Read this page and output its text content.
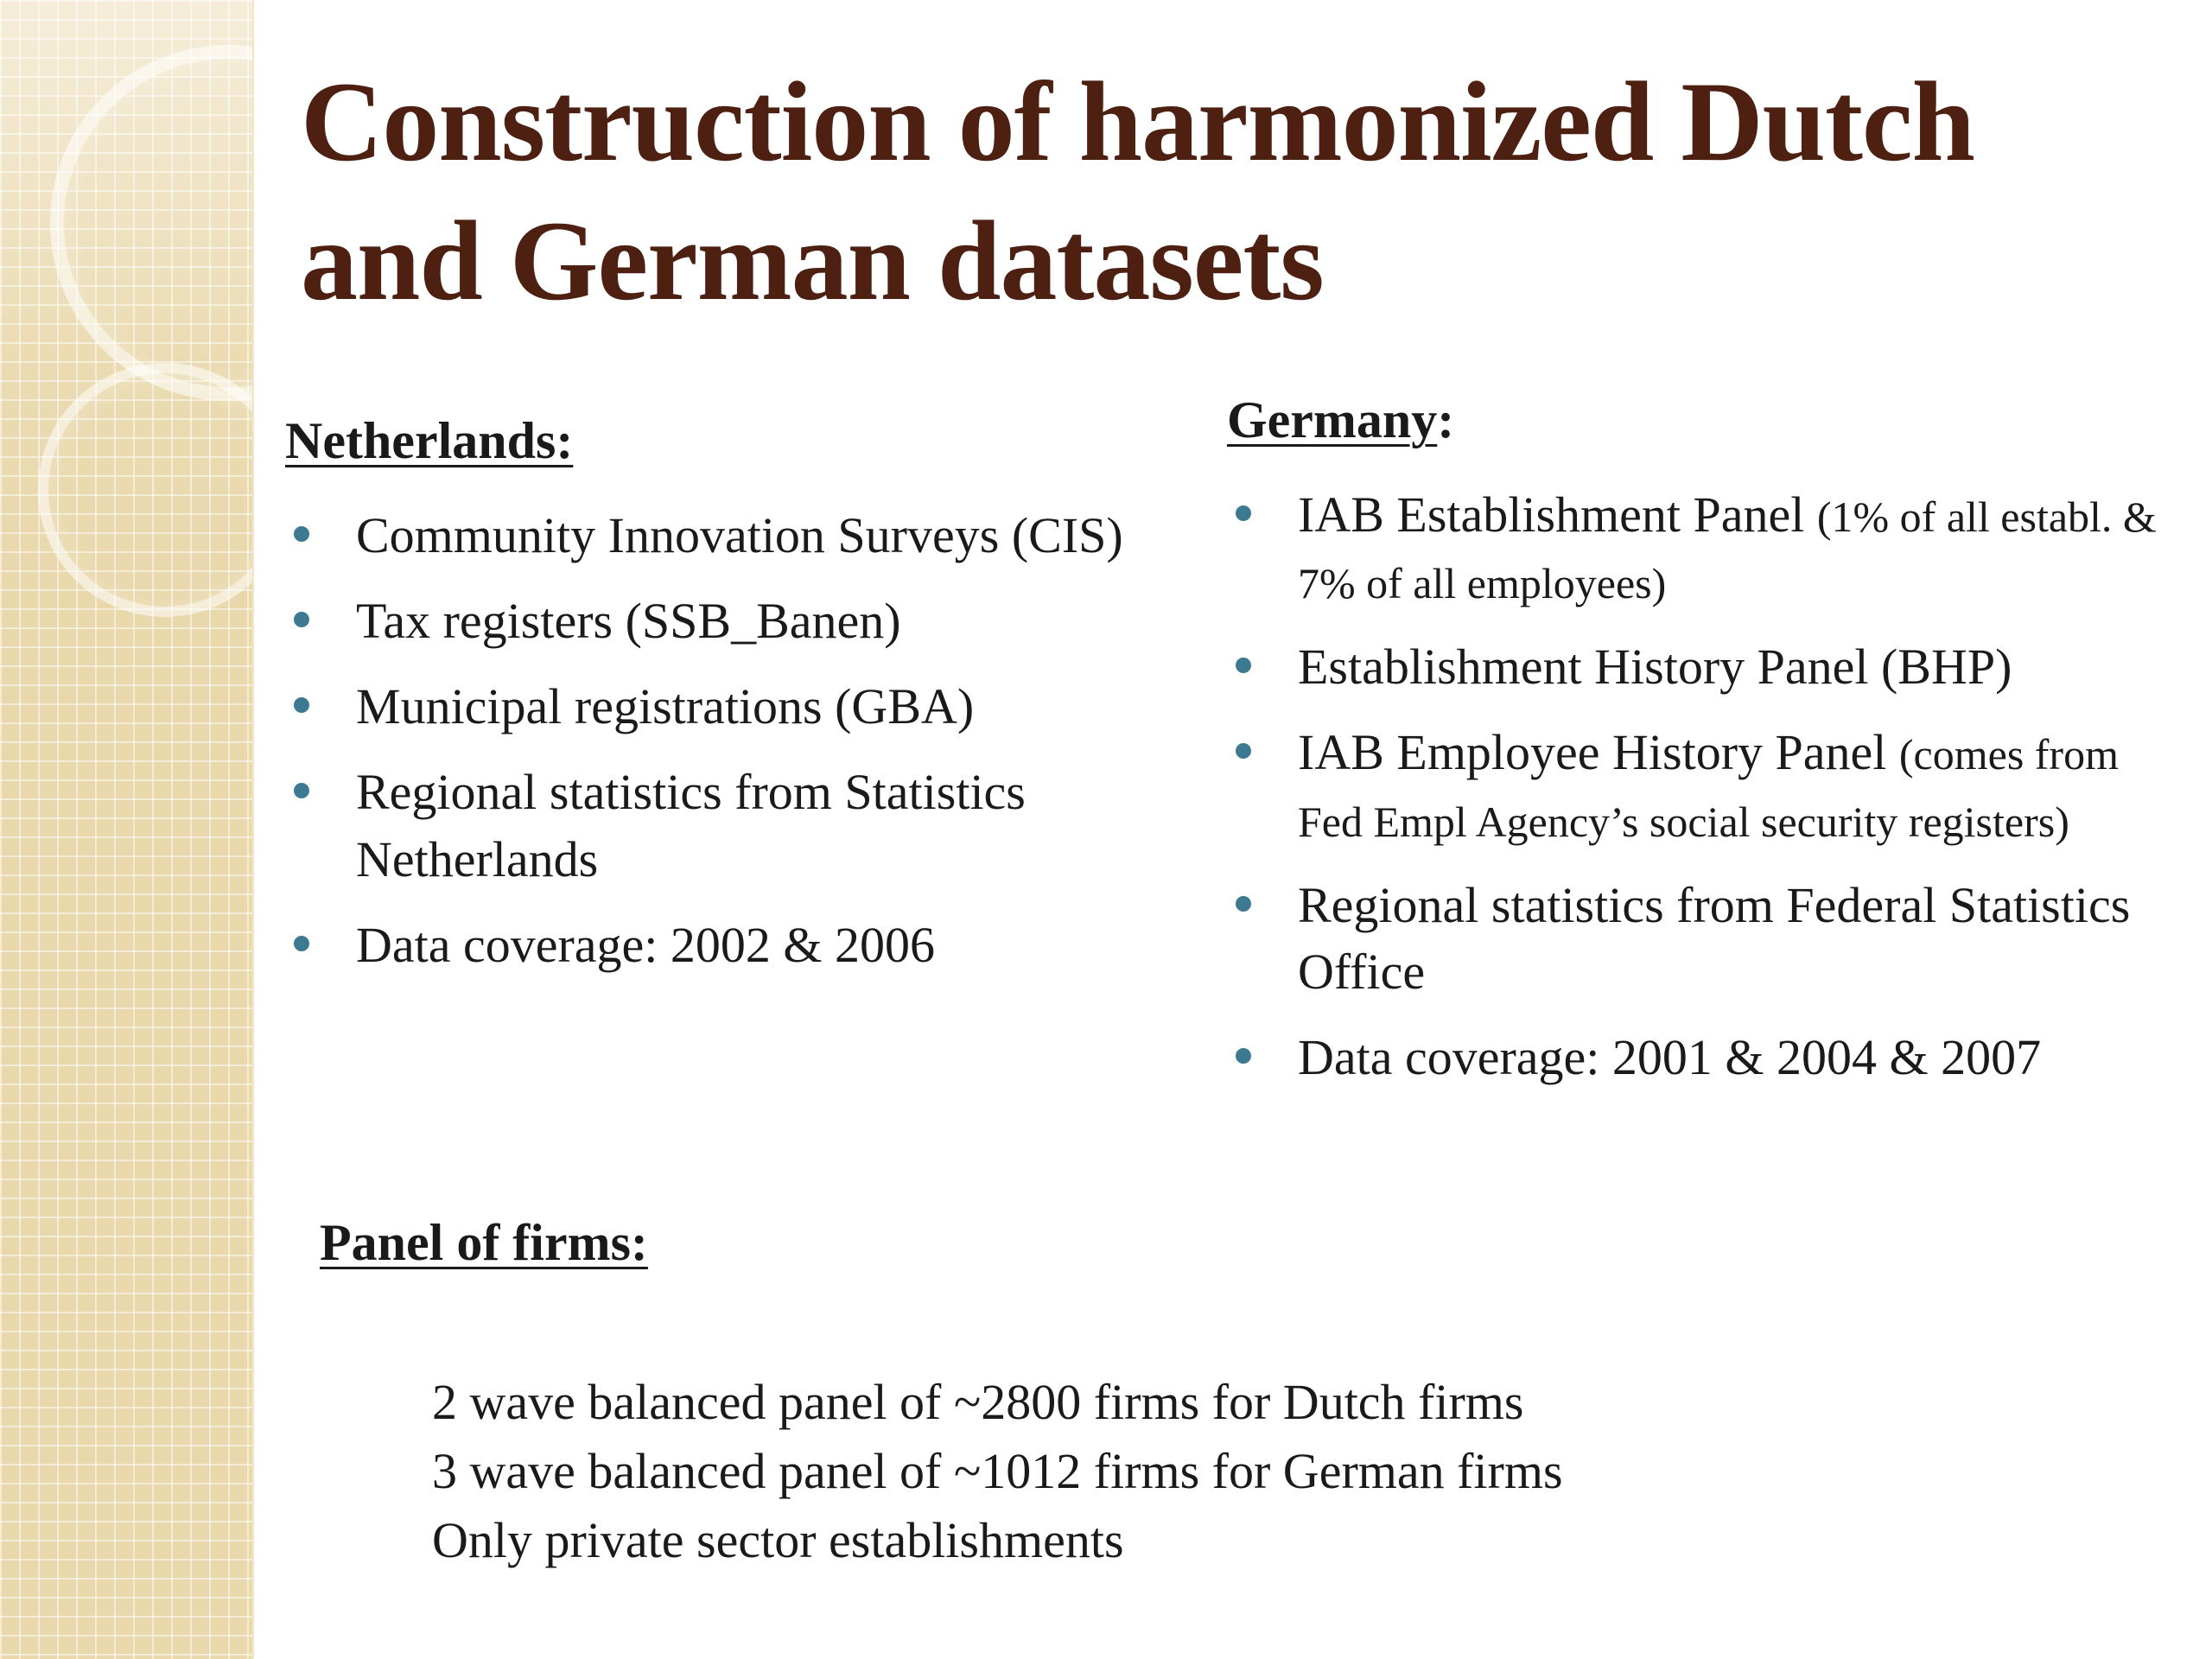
Construction of harmonized Dutch and German datasets
Netherlands:
Community Innovation Surveys (CIS)
Tax registers (SSB_Banen)
Municipal registrations (GBA)
Regional statistics from Statistics Netherlands
Data coverage: 2002 & 2006
Germany:
IAB Establishment Panel (1% of all establ. & 7% of all employees)
Establishment History Panel (BHP)
IAB Employee History Panel (comes from Fed Empl Agency’s social security registers)
Regional statistics from Federal Statistics Office
Data coverage: 2001 & 2004 & 2007
Panel of firms:
2 wave balanced panel of ~2800 firms for Dutch firms
3 wave balanced panel of ~1012 firms for German firms
Only private sector establishments
